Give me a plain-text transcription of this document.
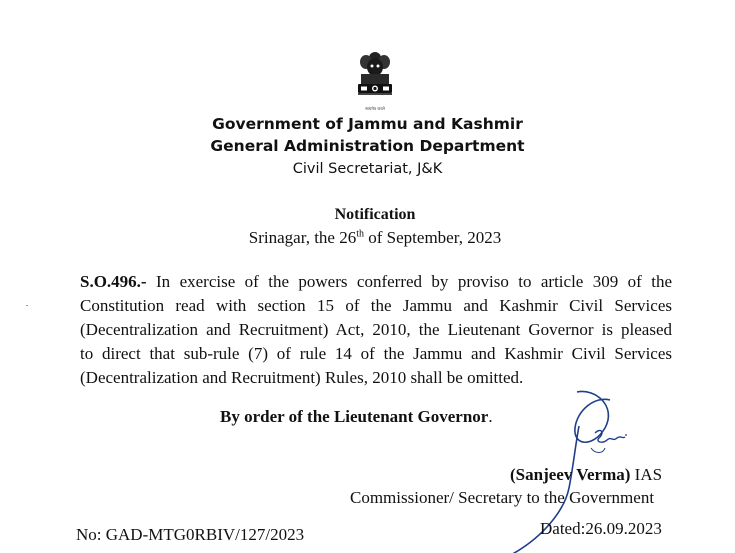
सत्यमेव जयते
Government of Jammu and Kashmir
General Administration Department
Civil Secretariat, J&K
Notification
Srinagar, the 26th of September, 2023
S.O.496.- In exercise of the powers conferred by proviso to article 309 of the
Constitution read with section 15 of the Jammu and Kashmir Civil Services
(Decentralization and Recruitment) Act, 2010, the Lieutenant Governor is pleased
to direct that sub-rule (7) of rule 14 of the Jammu and Kashmir Civil Services
(Decentralization and Recruitment) Rules, 2010 shall be omitted.
By order of the Lieutenant Governor.
(Sanjeev Verma) IAS
Commissioner/ Secretary to the Government
No: GAD-MTG0RBIV/127/2023	Dated:26.09.2023
